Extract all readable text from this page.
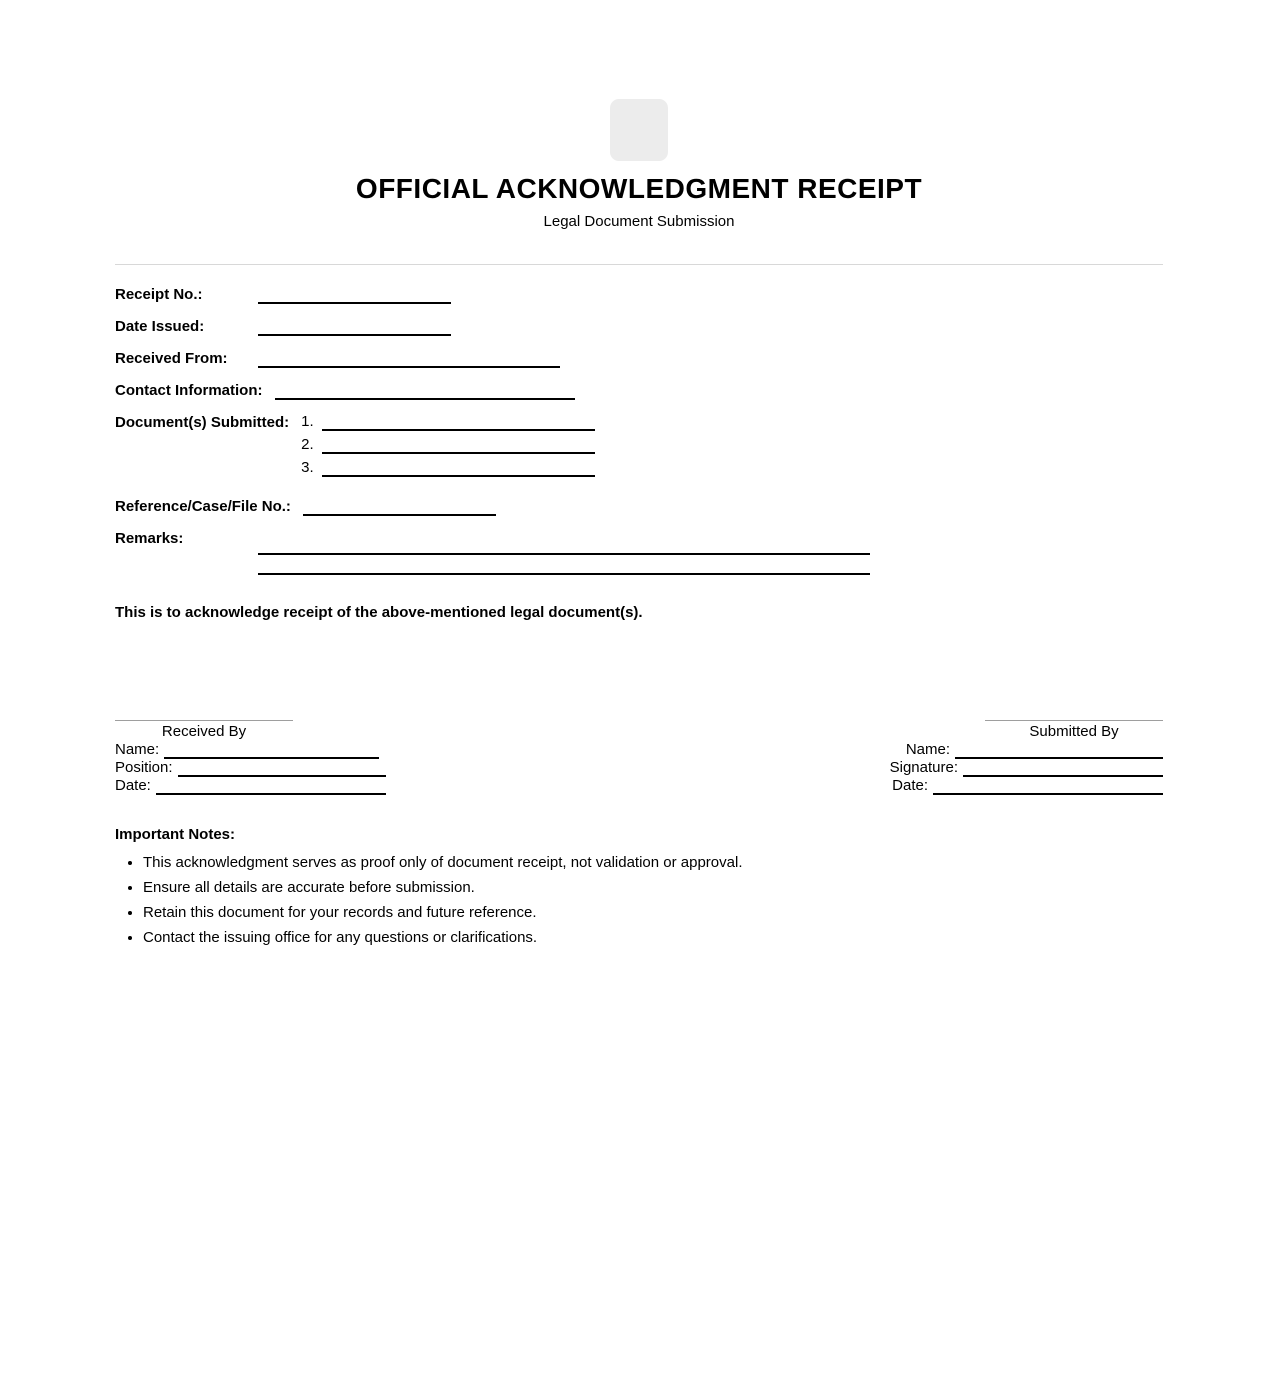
OFFICIAL ACKNOWLEDGMENT RECEIPT
Legal Document Submission
Receipt No.:
Date Issued:
Received From:
Contact Information:
Document(s) Submitted: 1.
2.
3.
Reference/Case/File No.:
Remarks:

This is to acknowledge receipt of the above-mentioned legal document(s).

Received By
Name:
Position:
Date:
Submitted By
Name:
Signature:
Date:
Important Notes:
• This acknowledgment serves as proof only of document receipt, not validation or approval.
• Ensure all details are accurate before submission.
• Retain this document for your records and future reference.
• Contact the issuing office for any questions or clarifications.
